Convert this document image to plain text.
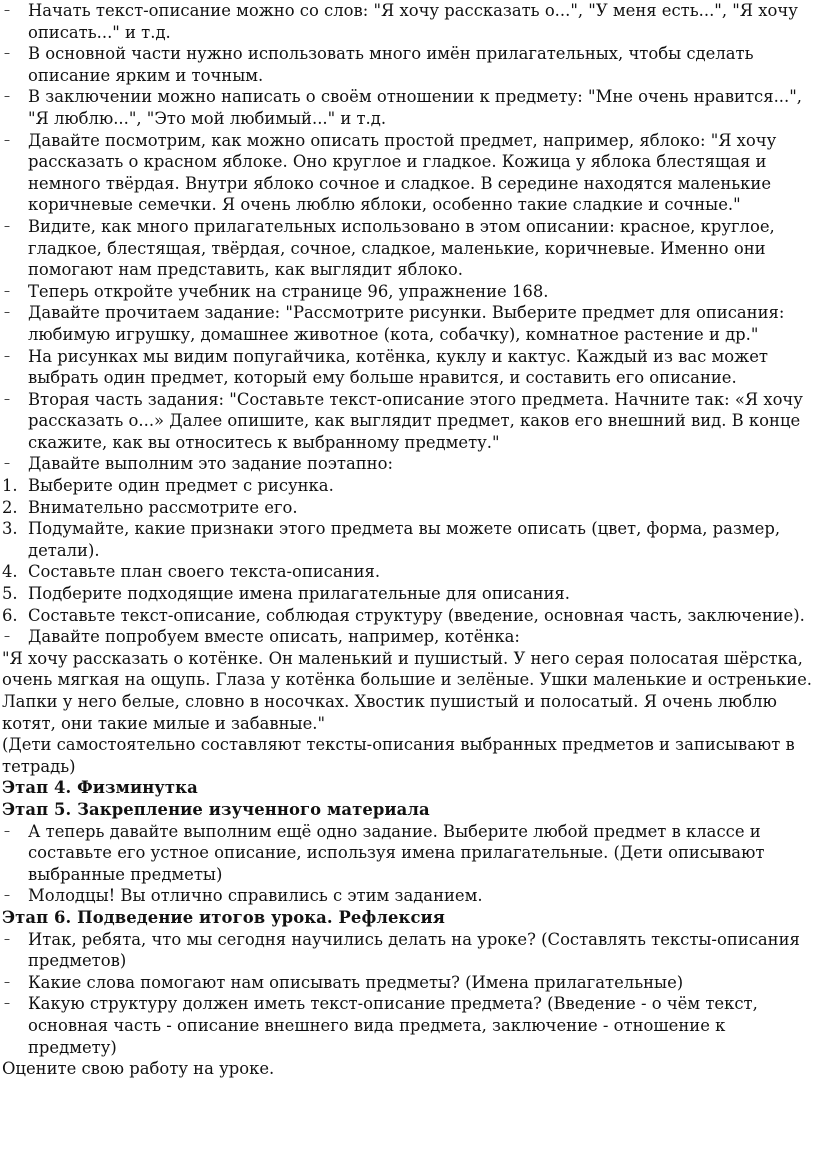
–	Начать текст-описание можно со слов: "Я хочу рассказать о...", "У меня есть...", "Я хочу описать..." и т.д.
–	В основной части нужно использовать много имён прилагательных, чтобы сделать описание ярким и точным.
–	В заключении можно написать о своём отношении к предмету: "Мне очень нравится...", "Я люблю...", "Это мой любимый..." и т.д.
–	Давайте посмотрим, как можно описать простой предмет, например, яблоко: "Я хочу рассказать о красном яблоке. Оно круглое и гладкое. Кожица у яблока блестящая и немного твёрдая. Внутри яблоко сочное и сладкое. В середине находятся маленькие коричневые семечки. Я очень люблю яблоки, особенно такие сладкие и сочные."
–	Видите, как много прилагательных использовано в этом описании: красное, круглое, гладкое, блестящая, твёрдая, сочное, сладкое, маленькие, коричневые. Именно они помогают нам представить, как выглядит яблоко.
–	Теперь откройте учебник на странице 96, упражнение 168.
–	Давайте прочитаем задание: "Рассмотрите рисунки. Выберите предмет для описания: любимую игрушку, домашнее животное (кота, собачку), комнатное растение и др."
–	На рисунках мы видим попугайчика, котёнка, куклу и кактус. Каждый из вас может выбрать один предмет, который ему больше нравится, и составить его описание.
–	Вторая часть задания: "Составьте текст-описание этого предмета. Начните так: «Я хочу рассказать о...» Далее опишите, как выглядит предмет, каков его внешний вид. В конце скажите, как вы относитесь к выбранному предмету."
–	Давайте выполним это задание поэтапно:
1. Выберите один предмет с рисунка.
2. Внимательно рассмотрите его.
3. Подумайте, какие признаки этого предмета вы можете описать (цвет, форма, размер, детали).
4. Составьте план своего текста-описания.
5. Подберите подходящие имена прилагательные для описания.
6. Составьте текст-описание, соблюдая структуру (введение, основная часть, заключение).
–	Давайте попробуем вместе описать, например, котёнка:

"Я хочу рассказать о котёнке. Он маленький и пушистый. У него серая полосатая шёрстка, очень мягкая на ощупь. Глаза у котёнка большие и зелёные. Ушки маленькие и остренькие. Лапки у него белые, словно в носочках. Хвостик пушистый и полосатый. Я очень люблю котят, они такие милые и забавные."

(Дети самостоятельно составляют тексты-описания выбранных предметов и записывают в тетрадь)

Этап 4. Физминутка

Этап 5. Закрепление изученного материала

–	А теперь давайте выполним ещё одно задание. Выберите любой предмет в классе и составьте его устное описание, используя имена прилагательные. (Дети описывают выбранные предметы)
–	Молодцы! Вы отлично справились с этим заданием.

Этап 6. Подведение итогов урока. Рефлексия

–	Итак, ребята, что мы сегодня научились делать на уроке? (Составлять тексты-описания предметов)
–	Какие слова помогают нам описывать предметы? (Имена прилагательные)
–	Какую структуру должен иметь текст-описание предмета? (Введение - о чём текст, основная часть - описание внешнего вида предмета, заключение - отношение к предмету)

Оцените свою работу на уроке.
